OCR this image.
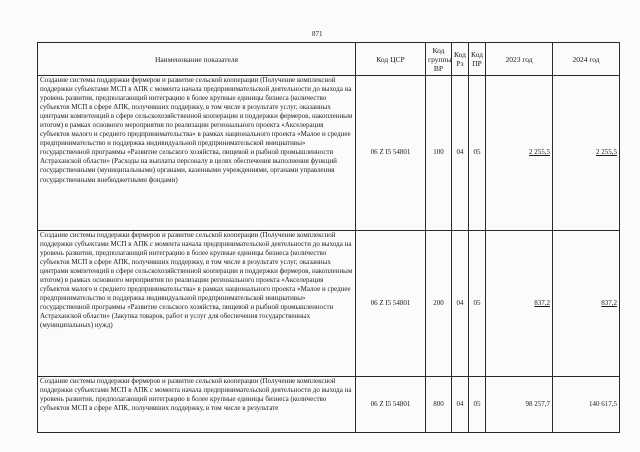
871
Наименование показателя	Код ЦСР	Код группы ВР	Код Рз	Код ПР	2023 год	2024 год
Создание системы поддержки фермеров и развитие сельской кооперации (Получение комплексной поддержки субъектами МСП в АПК с момента начала предпринимательской деятельности до выхода на уровень развития, предполагающий интеграцию в более крупные единицы бизнеса (количество субъектов МСП в сфере АПК, получивших поддержку, в том числе в результате услуг, оказанных центрами компетенций в сфере сельскохозяйственной кооперации и поддержки фермеров, накопленным итогом) в рамках основного мероприятия по реализации регионального проекта «Акселерация субъектов малого и среднего предпринимательства» в рамках национального проекта «Малое и среднее предпринимательство и поддержка индивидуальной предпринимательской инициативы» государственной программы «Развитие сельского хозяйства, пищевой и рыбной промышленности Астраханской области» (Расходы на выплаты персоналу в целях обеспечения выполнения функций государственными (муниципальными) органами, казенными учреждениями, органами управления государственными внебюджетными фондами)	06 Z I5 54801	100	04	05	2 255,5	2 255,5
Создание системы поддержки фермеров и развитие сельской кооперации (Получение комплексной поддержки субъектами МСП в АПК с момента начала предпринимательской деятельности до выхода на уровень развития, предполагающий интеграцию в более крупные единицы бизнеса (количество субъектов МСП в сфере АПК, получивших поддержку, в том числе в результате услуг, оказанных центрами компетенций в сфере сельскохозяйственной кооперации и поддержки фермеров, накопленным итогом) в рамках основного мероприятия по реализации регионального проекта «Акселерация субъектов малого и среднего предпринимательства» в рамках национального проекта «Малое и среднее предпринимательство и поддержка индивидуальной предпринимательской инициативы» государственной программы «Развитие сельского хозяйства, пищевой и рыбной промышленности Астраханской области» (Закупка товаров, работ и услуг для обеспечения государственных (муниципальных) нужд)	06 Z I5 54801	200	04	05	837,2	837,2
Создание системы поддержки фермеров и развитие сельской кооперации (Получение комплексной поддержки субъектами МСП в АПК с момента начала предпринимательской деятельности до выхода на уровень развития, предполагающий интеграцию в более крупные единицы бизнеса (количество субъектов МСП в сфере АПК, получивших поддержку, в том числе в результате	06 Z I5 54801	800	04	05	98 257,7	140 617,5
